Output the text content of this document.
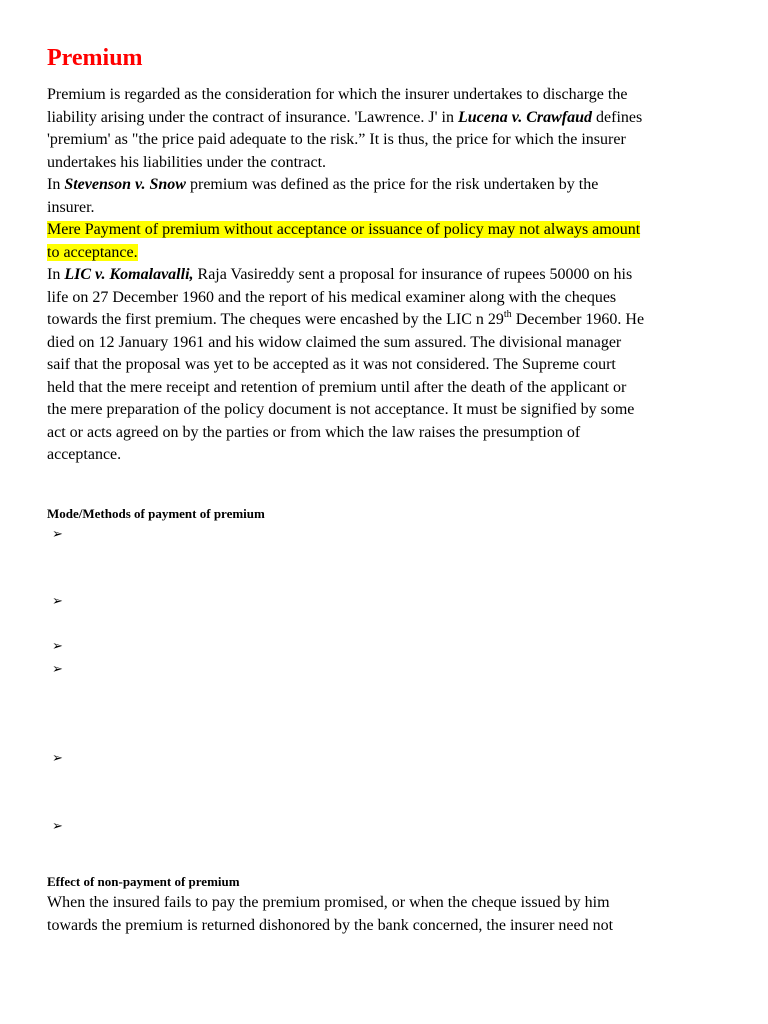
Premium
Premium is regarded as the consideration for which the insurer undertakes to discharge the
liability arising under the contract of insurance. 'Lawrence. J' in Lucena v. Crawfaud defines
'premium' as "the price paid adequate to the risk.” It is thus, the price for which the insurer
undertakes his liabilities under the contract.
In Stevenson v. Snow premium was defined as the price for the risk undertaken by the
insurer.
Mere Payment of premium without acceptance or issuance of policy may not always amount
to acceptance.
In LIC v. Komalavalli, Raja Vasireddy sent a proposal for insurance of rupees 50000 on his
life on 27 December 1960 and the report of his medical examiner along with the cheques
towards the first premium. The cheques were encashed by the LIC n 29th December 1960. He
died on 12 January 1961 and his widow claimed the sum assured. The divisional manager
saif that the proposal was yet to be accepted as it was not considered. The Supreme court
held that the mere receipt and retention of premium until after the death of the applicant or
the mere preparation of the policy document is not acceptance. It must be signified by some
act or acts agreed on by the parties or from which the law raises the presumption of
acceptance.
Mode/Methods of payment of premium
➢
➢
➢
➢
➢
➢
Effect of non-payment of premium
When the insured fails to pay the premium promised, or when the cheque issued by him
towards the premium is returned dishonored by the bank concerned, the insurer need not
